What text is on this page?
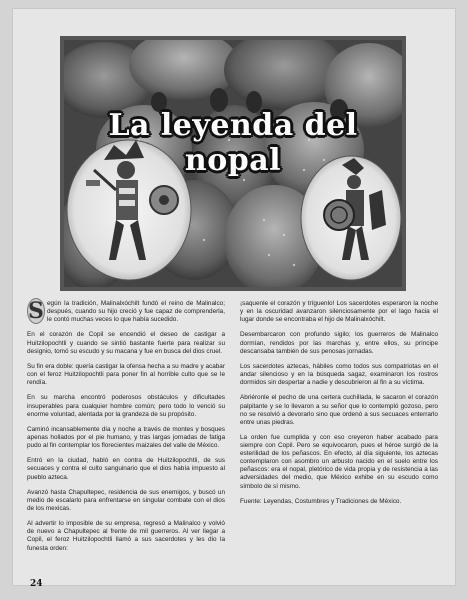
La leyenda del nopal

S egún la tradición, Malinalxóchilt fundó el reino de Malinalco; después, cuando su hijo creció y fue capaz de comprenderla, le contó muchas veces lo que había sucedido.

En el corazón de Copil se encendió el deseo de castigar a Huitzilopochtli y cuando se sintió bastante fuerte para realizar su designio, tomó su escudo y su macana y fue en busca del dios cruel.

Su fin era doble: quería castigar la ofensa hecha a su madre y acabar con el feroz Huitzilopochtli para poner fin al horrible culto que se le rendía.

En su marcha encontró poderosos obstáculos y dificultades insuperables para cualquier hombre común; pero todo lo venció su enorme voluntad, alentada por la grandeza de su propósito.

Caminó incansablemente día y noche a través de montes y bosques apenas hollados por el pie humano, y tras largas jornadas de fatiga pudo al fin contemplar los florecientes maizales del valle de México.

Entró en la ciudad, habló en contra de Huitzilopochtli, de sus secuaces y contra el culto sanguinario que el dios había impuesto al pueblo azteca.

Avanzó hasta Chapultepec, residencia de sus enemigos, y buscó un medio de escalarlo para enfrentarse en singular combate con el dios de los mexicas.

Al advertir lo imposible de su empresa, regresó a Malinalco y volvió de nuevo a Chapultepec al frente de mil guerreros. Al ver llegar a Copil, el feroz Huitzilopochtli llamó a sus sacerdotes y les dio la funesta orden:

¡saquenle el corazón y tríguenlo! Los sacerdotes esperaron la noche y en la oscuridad avanzaron silenciosamente por el lago hacia el lugar donde se encontraba el hijo de Malinalxóchilt.

Desembarcaron con profundo sigilo; los guerreros de Malinalco dormían, rendidos por las marchas y, entre ellos, su príncipe descansaba también de sus penosas jornadas.

Los sacerdotes aztecas, hábiles como todos sus compatriotas en el andar silencioso y en la búsqueda sagaz, examinaron los rostros dormidos sin despertar a nadie y descubrieron al fin a su víctima.

Abriéronle el pecho de una certera cuchillada, le sacaron el corazón palpitante y se lo llevaron a su señor que lo contempló gozoso, pero no se resolvió a devorarlo sino que ordenó a sus secuaces enterrarlo entre unas piedras.

La orden fue cumplida y con eso creyeron haber acabado para siempre con Copil. Pero se equivocaron, pues el héroe surgió de la esterilidad de los peñascos. En efecto, al día siguiente, los aztecas contemplaron con asombro un arbusto nacido en el suelo entre los peñascos: era el nopal, pletórico de vida propia y de resistencia a las adversidades del medio, que México exhibe en su escudo como símbolo de sí mismo.

Fuente: Leyendas, Costumbres y Tradiciones de México.

24
